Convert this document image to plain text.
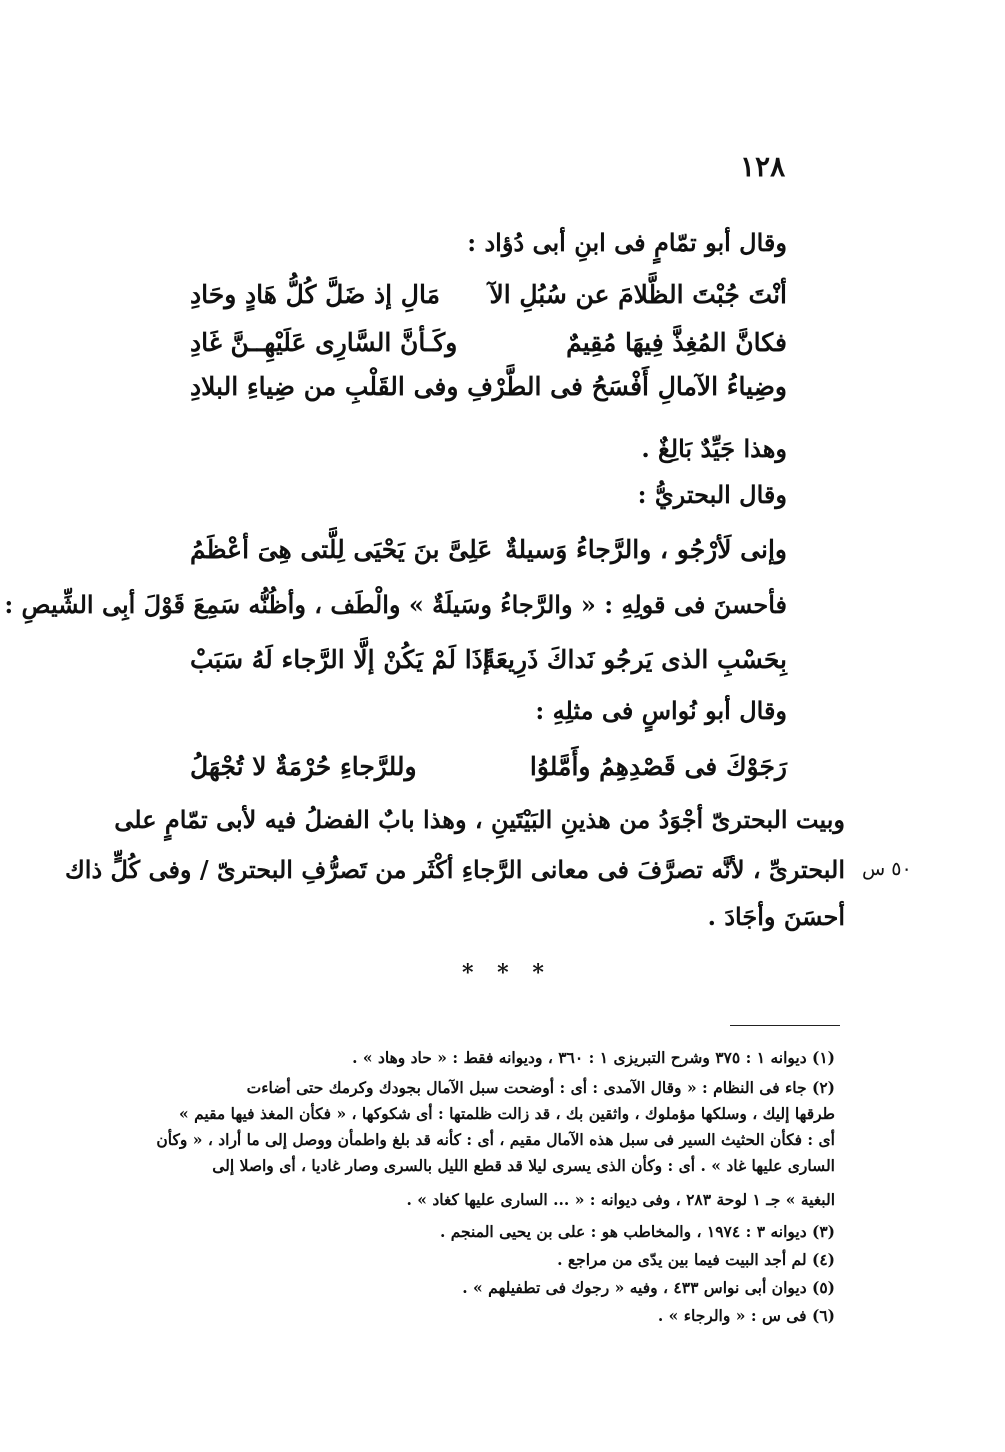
١٢٨
وقال أبو تمّامٍ فى ابنِ أبى دُؤاد :
أنْتَ جُبْتَ الظَّلامَ عن سُبُلِ الآ
مَالِ إذ ضَلَّ كُلُّ هَادٍ وحَادِ
فكانَّ المُغِذَّ فِيهَا مُقِيمٌ
وكَـأنَّ السَّارِى عَلَيْهِــنَّ غَادِ
وضِياءُ الآمالِ أَفْسَحُ فى الطَّرْ
فِ وفى القَلْبِ من ضِياءِ البلادِ
وهذا جَيِّدٌ بَالِغٌ .
وقال البحتريُّ :
وإنى لَأرْجُو ، والرَّجاءُ وَسيلةٌ
عَلِىَّ بنَ يَحْيَى لِلَّتى هِىَ أعْظَمُ
فأحسنَ فى قولِهِ : « والرَّجاءُ وسَيلَةٌ » والْطَف ، وأظُنُّه سَمِعَ قَوْلَ أبِى الشِّيصِ :
بِحَسْبِ الذى يَرجُو نَداكَ ذَرِيعَةً
إذَا لَمْ يَكُنْ إلَّا الرَّجاء لَهُ سَبَبْ
وقال أبو نُواسٍ فى مثلِهِ :
رَجَوْكَ فى قَصْدِهِمُ وأَمَّلوُا
وللرَّجاءِ حُرْمَةٌ لا تُجْهَلُ
وبيت البحترىّ أجْوَدُ من هذينِ البَيْتَينِ ، وهذا بابٌ الفضلُ فيه لأبى تمّامٍ على
البحترىِّ ، لأنَّه تصرَّفَ فى معانى الرَّجاءِ أكْثَر من تَصرُّفِ البحترىّ / وفى كُلٍّ ذاك
أحسَنَ وأجَادَ .
٥٠ س
* * *
(١) ديوانه ١ : ٣٧٥ وشرح التبريزى ١ : ٣٦٠ ، وديوانه فقط : « حاد وهاد » .
(٢) جاء فى النظام : « وقال الآمدى : أى : أوضحت سبل الآمال بجودك وكرمك حتى أضاءت
طرقها إليك ، وسلكها مؤملوك ، واثقين بك ، قد زالت ظلمتها : أى شكوكها ، « فكأن المغذ فيها مقيم »
أى : فكأن الحثيث السير فى سبل هذه الآمال مقيم ، أى : كأنه قد بلغ واطمأن ووصل إلى ما أراد ، « وكأن
السارى عليها غاد » . أى : وكأن الذى يسرى ليلا قد قطع الليل بالسرى وصار غاديا ، أى واصلا إلى
البغية » جـ ١ لوحة ٢٨٣ ، وفى ديوانه : « ... السارى عليها كغاد » .
(٣) ديوانه ٣ : ١٩٧٤ ، والمخاطب هو : على بن يحيى المنجم .
(٤) لم أجد البيت فيما بين يدّى من مراجع .
(٥) ديوان أبى نواس ٤٣٣ ، وفيه « رجوك فى تطفيلهم » .
(٦) فى س : « والرجاء » .
